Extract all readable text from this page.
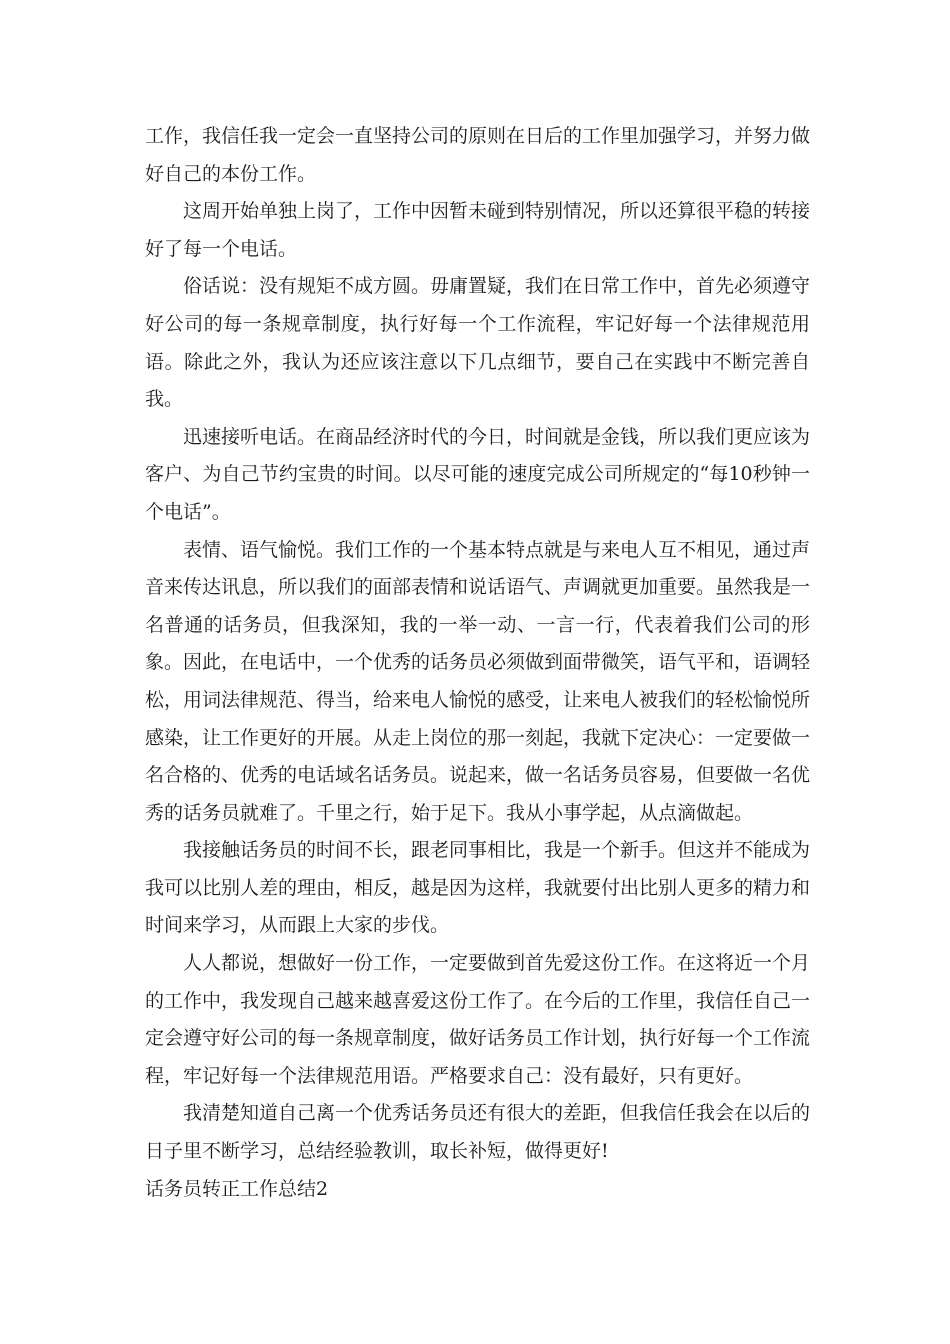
工作，我信任我一定会一直坚持公司的原则在日后的工作里加强学习，并努力做好自己的本份工作。

这周开始单独上岗了，工作中因暂未碰到特别情况，所以还算很平稳的转接好了每一个电话。

俗话说：没有规矩不成方圆。毋庸置疑，我们在日常工作中，首先必须遵守好公司的每一条规章制度，执行好每一个工作流程，牢记好每一个法律规范用语。除此之外，我认为还应该注意以下几点细节，要自己在实践中不断完善自我。

迅速接听电话。在商品经济时代的今日，时间就是金钱，所以我们更应该为客户、为自己节约宝贵的时间。以尽可能的速度完成公司所规定的“每10秒钟一个电话”。

表情、语气愉悦。我们工作的一个基本特点就是与来电人互不相见，通过声音来传达讯息，所以我们的面部表情和说话语气、声调就更加重要。虽然我是一名普通的话务员，但我深知，我的一举一动、一言一行，代表着我们公司的形象。因此，在电话中，一个优秀的话务员必须做到面带微笑，语气平和，语调轻松，用词法律规范、得当，给来电人愉悦的感受，让来电人被我们的轻松愉悦所感染，让工作更好的开展。从走上岗位的那一刻起，我就下定决心：一定要做一名合格的、优秀的电话域名话务员。说起来，做一名话务员容易，但要做一名优秀的话务员就难了。千里之行，始于足下。我从小事学起，从点滴做起。

我接触话务员的时间不长，跟老同事相比，我是一个新手。但这并不能成为我可以比别人差的理由，相反，越是因为这样，我就要付出比别人更多的精力和时间来学习，从而跟上大家的步伐。

人人都说，想做好一份工作，一定要做到首先爱这份工作。在这将近一个月的工作中，我发现自己越来越喜爱这份工作了。在今后的工作里，我信任自己一定会遵守好公司的每一条规章制度，做好话务员工作计划，执行好每一个工作流程，牢记好每一个法律规范用语。严格要求自己：没有最好，只有更好。

我清楚知道自己离一个优秀话务员还有很大的差距，但我信任我会在以后的日子里不断学习，总结经验教训，取长补短，做得更好!

话务员转正工作总结2
